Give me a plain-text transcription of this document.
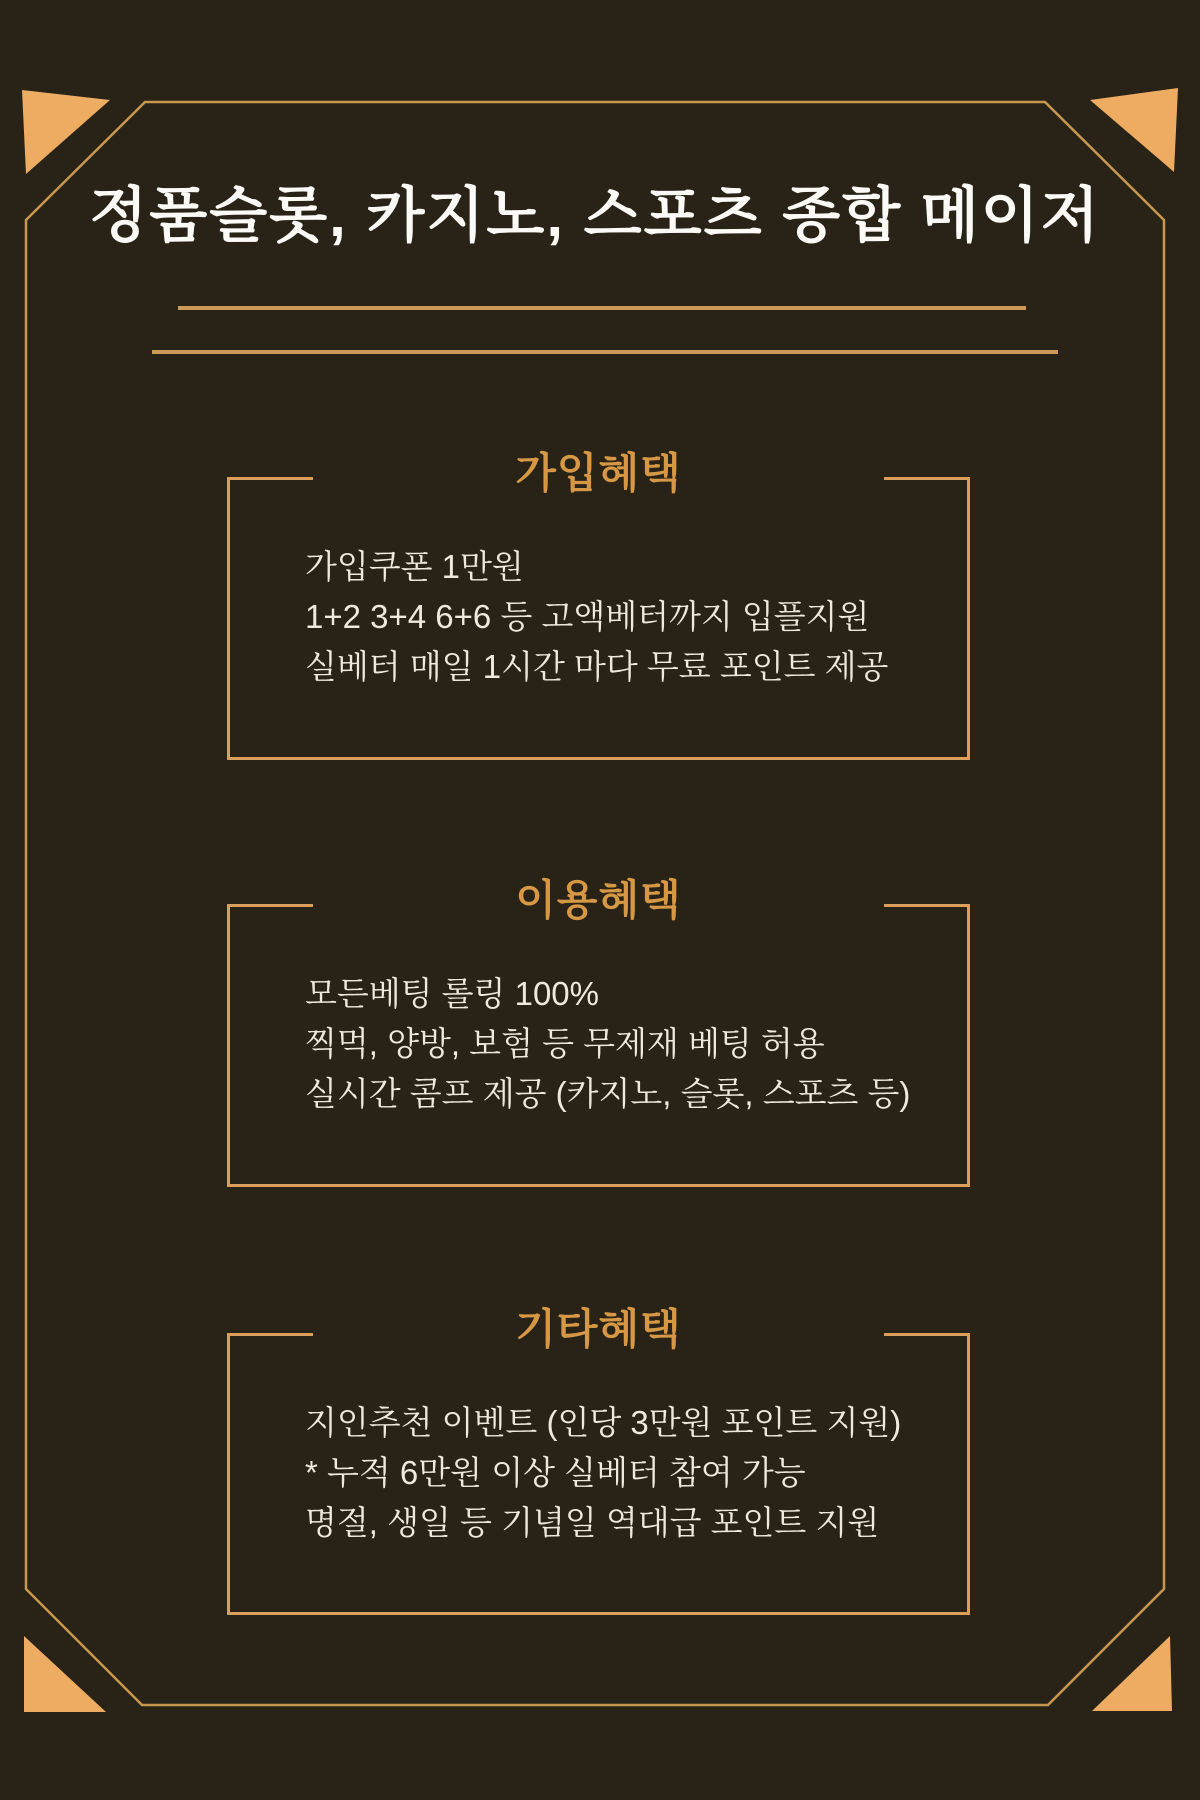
정품슬롯, 카지노, 스포츠 종합 메이저
가입혜택
가입쿠폰 1만원
1+2 3+4 6+6 등 고액베터까지 입플지원
실베터 매일 1시간 마다 무료 포인트 제공
이용혜택
모든베팅 롤링 100%
찍먹, 양방, 보험 등 무제재 베팅 허용
실시간 콤프 제공 (카지노, 슬롯, 스포츠 등)
기타혜택
지인추천 이벤트 (인당 3만원 포인트 지원)
* 누적 6만원 이상 실베터 참여 가능
명절, 생일 등 기념일 역대급 포인트 지원
